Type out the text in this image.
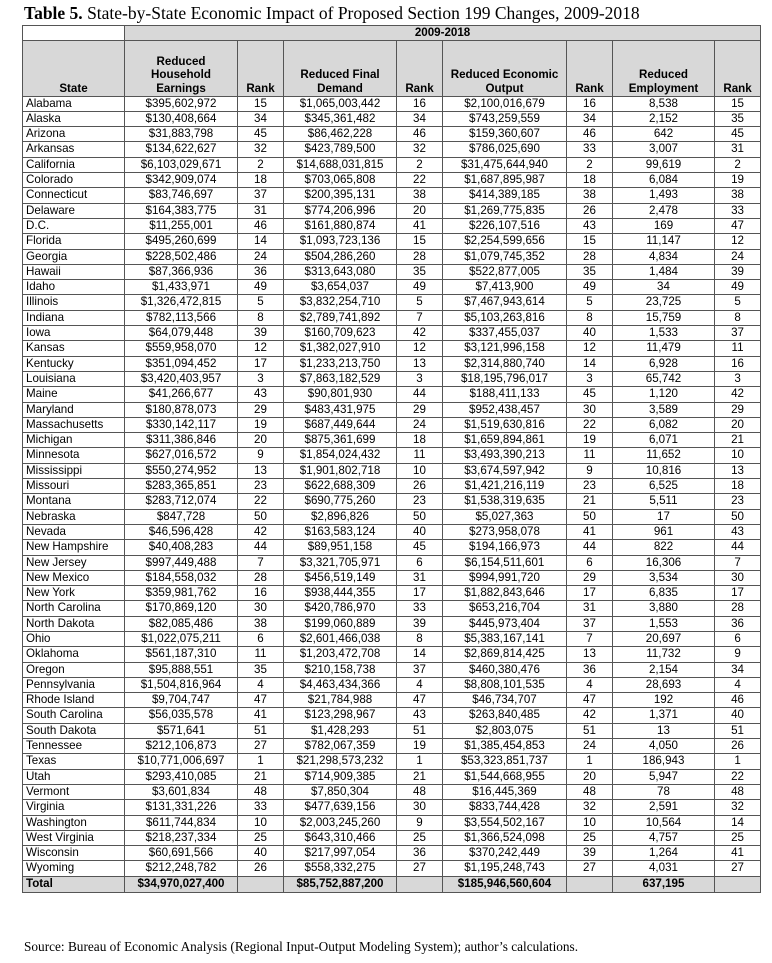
Table 5. State-by-State Economic Impact of Proposed Section 199 Changes, 2009-2018
	2009-2018							
State	Reduced Household Earnings	Rank	Reduced Final Demand	Rank	Reduced Economic Output	Rank	Reduced Employment	Rank
Alabama	$395,602,972	15	$1,065,003,442	16	$2,100,016,679	16	8,538	15
Alaska	$130,408,664	34	$345,361,482	34	$743,259,559	34	2,152	35
Arizona	$31,883,798	45	$86,462,228	46	$159,360,607	46	642	45
Arkansas	$134,622,627	32	$423,789,500	32	$786,025,690	33	3,007	31
California	$6,103,029,671	2	$14,688,031,815	2	$31,475,644,940	2	99,619	2
Colorado	$342,909,074	18	$703,065,808	22	$1,687,895,987	18	6,084	19
Connecticut	$83,746,697	37	$200,395,131	38	$414,389,185	38	1,493	38
Delaware	$164,383,775	31	$774,206,996	20	$1,269,775,835	26	2,478	33
D.C.	$11,255,001	46	$161,880,874	41	$226,107,516	43	169	47
Florida	$495,260,699	14	$1,093,723,136	15	$2,254,599,656	15	11,147	12
Georgia	$228,502,486	24	$504,286,260	28	$1,079,745,352	28	4,834	24
Hawaii	$87,366,936	36	$313,643,080	35	$522,877,005	35	1,484	39
Idaho	$1,433,971	49	$3,654,037	49	$7,413,900	49	34	49
Illinois	$1,326,472,815	5	$3,832,254,710	5	$7,467,943,614	5	23,725	5
Indiana	$782,113,566	8	$2,789,741,892	7	$5,103,263,816	8	15,759	8
Iowa	$64,079,448	39	$160,709,623	42	$337,455,037	40	1,533	37
Kansas	$559,958,070	12	$1,382,027,910	12	$3,121,996,158	12	11,479	11
Kentucky	$351,094,452	17	$1,233,213,750	13	$2,314,880,740	14	6,928	16
Louisiana	$3,420,403,957	3	$7,863,182,529	3	$18,195,796,017	3	65,742	3
Maine	$41,266,677	43	$90,801,930	44	$188,411,133	45	1,120	42
Maryland	$180,878,073	29	$483,431,975	29	$952,438,457	30	3,589	29
Massachusetts	$330,142,117	19	$687,449,644	24	$1,519,630,816	22	6,082	20
Michigan	$311,386,846	20	$875,361,699	18	$1,659,894,861	19	6,071	21
Minnesota	$627,016,572	9	$1,854,024,432	11	$3,493,390,213	11	11,652	10
Mississippi	$550,274,952	13	$1,901,802,718	10	$3,674,597,942	9	10,816	13
Missouri	$283,365,851	23	$622,688,309	26	$1,421,216,119	23	6,525	18
Montana	$283,712,074	22	$690,775,260	23	$1,538,319,635	21	5,511	23
Nebraska	$847,728	50	$2,896,826	50	$5,027,363	50	17	50
Nevada	$46,596,428	42	$163,583,124	40	$273,958,078	41	961	43
New Hampshire	$40,408,283	44	$89,951,158	45	$194,166,973	44	822	44
New Jersey	$997,449,488	7	$3,321,705,971	6	$6,154,511,601	6	16,306	7
New Mexico	$184,558,032	28	$456,519,149	31	$994,991,720	29	3,534	30
New York	$359,981,762	16	$938,444,355	17	$1,882,843,646	17	6,835	17
North Carolina	$170,869,120	30	$420,786,970	33	$653,216,704	31	3,880	28
North Dakota	$82,085,486	38	$199,060,889	39	$445,973,404	37	1,553	36
Ohio	$1,022,075,211	6	$2,601,466,038	8	$5,383,167,141	7	20,697	6
Oklahoma	$561,187,310	11	$1,203,472,708	14	$2,869,814,425	13	11,732	9
Oregon	$95,888,551	35	$210,158,738	37	$460,380,476	36	2,154	34
Pennsylvania	$1,504,816,964	4	$4,463,434,366	4	$8,808,101,535	4	28,693	4
Rhode Island	$9,704,747	47	$21,784,988	47	$46,734,707	47	192	46
South Carolina	$56,035,578	41	$123,298,967	43	$263,840,485	42	1,371	40
South Dakota	$571,641	51	$1,428,293	51	$2,803,075	51	13	51
Tennessee	$212,106,873	27	$782,067,359	19	$1,385,454,853	24	4,050	26
Texas	$10,771,006,697	1	$21,298,573,232	1	$53,323,851,737	1	186,943	1
Utah	$293,410,085	21	$714,909,385	21	$1,544,668,955	20	5,947	22
Vermont	$3,601,834	48	$7,850,304	48	$16,445,369	48	78	48
Virginia	$131,331,226	33	$477,639,156	30	$833,744,428	32	2,591	32
Washington	$611,744,834	10	$2,003,245,260	9	$3,554,502,167	10	10,564	14
West Virginia	$218,237,334	25	$643,310,466	25	$1,366,524,098	25	4,757	25
Wisconsin	$60,691,566	40	$217,997,054	36	$370,242,449	39	1,264	41
Wyoming	$212,248,782	26	$558,332,275	27	$1,195,248,743	27	4,031	27
Total	$34,970,027,400		$85,752,887,200		$185,946,560,604		637,195	
Source: Bureau of Economic Analysis (Regional Input-Output Modeling System); author’s calculations.
